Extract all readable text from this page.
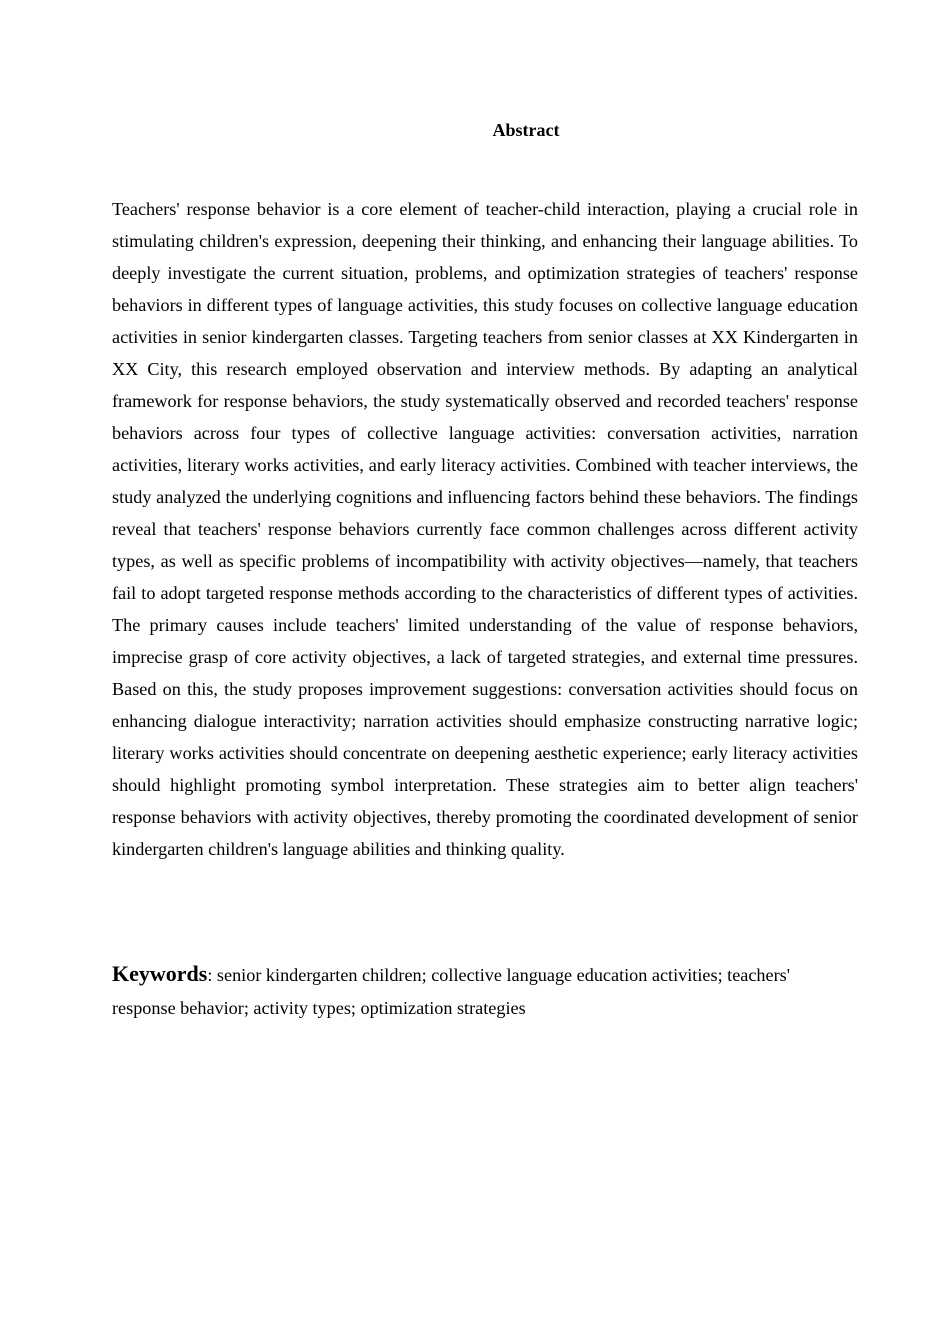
Abstract

Teachers' response behavior is a core element of teacher-child interaction, playing a crucial role in stimulating children's expression, deepening their thinking, and enhancing their language abilities. To deeply investigate the current situation, problems, and optimization strategies of teachers' response behaviors in different types of language activities, this study focuses on collective language education activities in senior kindergarten classes. Targeting teachers from senior classes at XX Kindergarten in XX City, this research employed observation and interview methods. By adapting an analytical framework for response behaviors, the study systematically observed and recorded teachers' response behaviors across four types of collective language activities: conversation activities, narration activities, literary works activities, and early literacy activities. Combined with teacher interviews, the study analyzed the underlying cognitions and influencing factors behind these behaviors. The findings reveal that teachers' response behaviors currently face common challenges across different activity types, as well as specific problems of incompatibility with activity objectives—namely, that teachers fail to adopt targeted response methods according to the characteristics of different types of activities. The primary causes include teachers' limited understanding of the value of response behaviors, imprecise grasp of core activity objectives, a lack of targeted strategies, and external time pressures. Based on this, the study proposes improvement suggestions: conversation activities should focus on enhancing dialogue interactivity; narration activities should emphasize constructing narrative logic; literary works activities should concentrate on deepening aesthetic experience; early literacy activities should highlight promoting symbol interpretation. These strategies aim to better align teachers' response behaviors with activity objectives, thereby promoting the coordinated development of senior kindergarten children's language abilities and thinking quality.

Keywords: senior kindergarten children; collective language education activities; teachers' response behavior; activity types; optimization strategies
